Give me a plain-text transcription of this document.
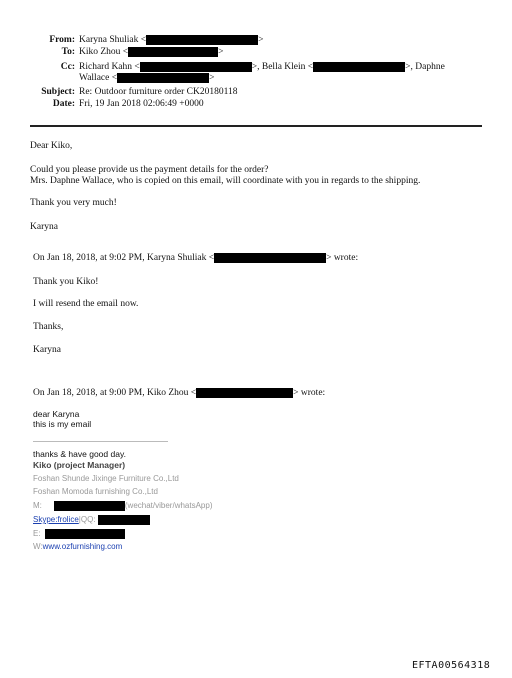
From: Karyna Shuliak <	>
To: Kiko Zhou <	>
Cc: Richard Kahn <	>, Bella Klein <	>, Daphne
Wallace <	>
Subject: Re: Outdoor furniture order CK20180118
Date: Fri, 19 Jan 2018 02:06:49 +0000
Dear Kiko,
Could you please provide us the payment details for the order?
Mrs. Daphne Wallace, who is copied on this email, will coordinate with you in regards to the shipping.
Thank you very much!
Karyna
On Jan 18, 2018, at 9:02 PM, Karyna Shuliak <	> wrote:
Thank you Kiko!
I will resend the email now.
Thanks,
Karyna
On Jan 18, 2018, at 9:00 PM, Kiko Zhou <	> wrote:
dear Karyna
this is my email
thanks & have good day.
Kiko (project Manager)
Foshan Shunde Jixinge Furniture Co.,Ltd
Foshan Momoda furnishing Co.,Ltd
M:	(wechat/viber/whatsApp)
Skype:frolice|QQ:
E:
W:www.ozfurnishing.com
EFTA00564318
